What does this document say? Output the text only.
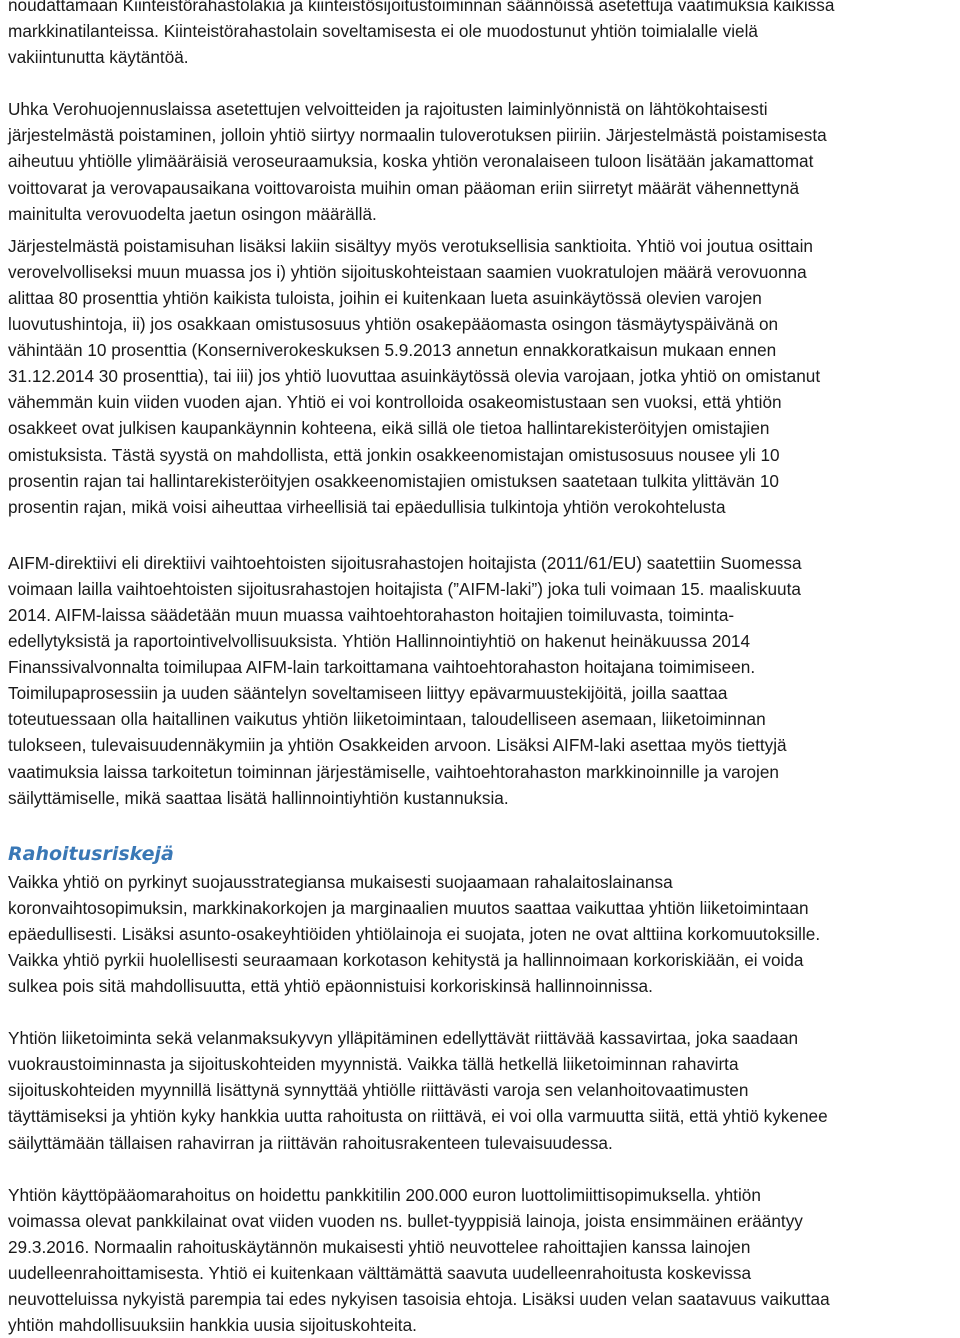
noudattamaan Kiinteistörahastolakia ja kiinteistösijoitustoiminnan säännöissä asetettuja vaatimuksia kaikissa
markkinatilanteissa. Kiinteistörahastolain soveltamisesta ei ole muodostunut yhtiön toimialalle vielä
vakiintunutta käytäntöä.

Uhka Verohuojennuslaissa asetettujen velvoitteiden ja rajoitusten laiminlyönnistä on lähtökohtaisesti
järjestelmästä poistaminen, jolloin yhtiö siirtyy normaalin tuloverotuksen piiriin. Järjestelmästä poistamisesta
aiheutuu yhtiölle ylimääräisiä veroseuraamuksia, koska yhtiön veronalaiseen tuloon lisätään jakamattomat
voittovarat ja verovapausaikana voittovaroista muihin oman pääoman eriin siirretyt määrät vähennettynä
mainitulta verovuodelta jaetun osingon määrällä.

Järjestelmästä poistamisuhan lisäksi lakiin sisältyy myös verotuksellisia sanktioita. Yhtiö voi joutua osittain
verovelvolliseksi muun muassa jos i) yhtiön sijoituskohteistaan saamien vuokratulojen määrä verovuonna
alittaa 80 prosenttia yhtiön kaikista tuloista, joihin ei kuitenkaan lueta asuinkäytössä olevien varojen
luovutushintoja, ii) jos osakkaan omistusosuus yhtiön osakepääomasta osingon täsmäytyspäivänä on
vähintään 10 prosenttia (Konserniverokeskuksen 5.9.2013 annetun ennakkoratkaisun mukaan ennen
31.12.2014 30 prosenttia), tai iii) jos yhtiö luovuttaa asuinkäytössä olevia varojaan, jotka yhtiö on omistanut
vähemmän kuin viiden vuoden ajan. Yhtiö ei voi kontrolloida osakeomistustaan sen vuoksi, että yhtiön
osakkeet ovat julkisen kaupankäynnin kohteena, eikä sillä ole tietoa hallintarekisteröityjen omistajien
omistuksista. Tästä syystä on mahdollista, että jonkin osakkeenomistajan omistusosuus nousee yli 10
prosentin rajan tai hallintarekisteröityjen osakkeenomistajien omistuksen saatetaan tulkita ylittävän 10
prosentin rajan, mikä voisi aiheuttaa virheellisiä tai epäedullisia tulkintoja yhtiön verokohtelusta

AIFM-direktiivi eli direktiivi vaihtoehtoisten sijoitusrahastojen hoitajista (2011/61/EU) saatettiin Suomessa
voimaan lailla vaihtoehtoisten sijoitusrahastojen hoitajista (”AIFM-laki”) joka tuli voimaan 15. maaliskuuta
2014. AIFM-laissa säädetään muun muassa vaihtoehtorahaston hoitajien toimiluvasta, toiminta-
edellytyksistä ja raportointivelvollisuuksista. Yhtiön Hallinnointiyhtiö on hakenut heinäkuussa 2014
Finanssivalvonnalta toimilupaa AIFM-lain tarkoittamana vaihtoehtorahaston hoitajana toimimiseen.
Toimilupaprosessiin ja uuden sääntelyn soveltamiseen liittyy epävarmuustekijöitä, joilla saattaa
toteutuessaan olla haitallinen vaikutus yhtiön liiketoimintaan, taloudelliseen asemaan, liiketoiminnan
tulokseen, tulevaisuudennäkymiin ja yhtiön Osakkeiden arvoon. Lisäksi AIFM-laki asettaa myös tiettyjä
vaatimuksia laissa tarkoitetun toiminnan järjestämiselle, vaihtoehtorahaston markkinoinnille ja varojen
säilyttämiselle, mikä saattaa lisätä hallinnointiyhtiön kustannuksia.

Rahoitusriskejä

Vaikka yhtiö on pyrkinyt suojausstrategiansa mukaisesti suojaamaan rahalaitoslainansa
koronvaihtosopimuksin, markkinakorkojen ja marginaalien muutos saattaa vaikuttaa yhtiön liiketoimintaan
epäedullisesti. Lisäksi asunto-osakeyhtiöiden yhtiölainoja ei suojata, joten ne ovat alttiina korkomuutoksille.
Vaikka yhtiö pyrkii huolellisesti seuraamaan korkotason kehitystä ja hallinnoimaan korkoriskiään, ei voida
sulkea pois sitä mahdollisuutta, että yhtiö epäonnistuisi korkoriskinsä hallinnoinnissa.

Yhtiön liiketoiminta sekä velanmaksukyvyn ylläpitäminen edellyttävät riittävää kassavirtaa, joka saadaan
vuokraustoiminnasta ja sijoituskohteiden myynnistä. Vaikka tällä hetkellä liiketoiminnan rahavirta
sijoituskohteiden myynnillä lisättynä synnyttää yhtiölle riittävästi varoja sen velanhoitovaatimusten
täyttämiseksi ja yhtiön kyky hankkia uutta rahoitusta on riittävä, ei voi olla varmuutta siitä, että yhtiö kykenee
säilyttämään tällaisen rahavirran ja riittävän rahoitusrakenteen tulevaisuudessa.

Yhtiön käyttöpääomarahoitus on hoidettu pankkitilin 200.000 euron luottolimiittisopimuksella. yhtiön
voimassa olevat pankkilainat ovat viiden vuoden ns. bullet-tyyppisiä lainoja, joista ensimmäinen erääntyy
29.3.2016. Normaalin rahoituskäytännön mukaisesti yhtiö neuvottelee rahoittajien kanssa lainojen
uudelleenrahoittamisesta. Yhtiö ei kuitenkaan välttämättä saavuta uudelleenrahoitusta koskevissa
neuvotteluissa nykyistä parempia tai edes nykyisen tasoisia ehtoja. Lisäksi uuden velan saatavuus vaikuttaa
yhtiön mahdollisuuksiin hankkia uusia sijoituskohteita.
